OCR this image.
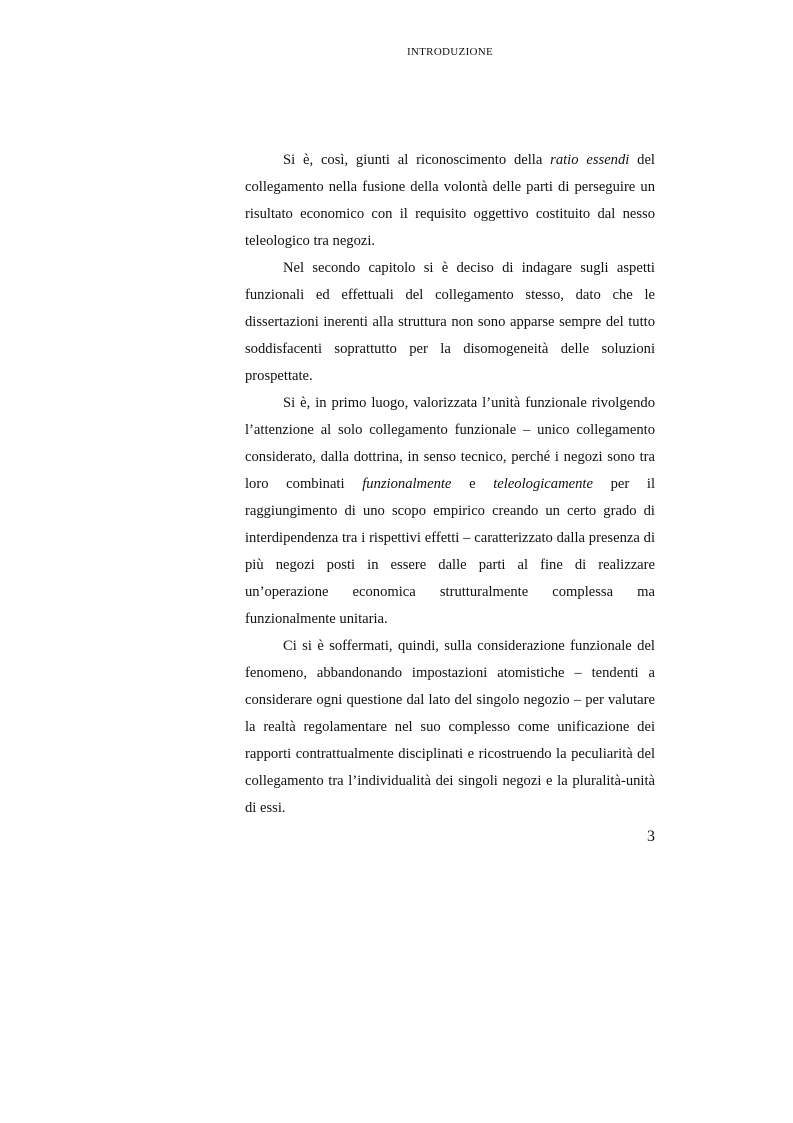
INTRODUZIONE

Si è, così, giunti al riconoscimento della ratio essendi del collegamento nella fusione della volontà delle parti di perseguire un risultato economico con il requisito oggettivo costituito dal nesso teleologico tra negozi.

Nel secondo capitolo si è deciso di indagare sugli aspetti funzionali ed effettuali del collegamento stesso, dato che le dissertazioni inerenti alla struttura non sono apparse sempre del tutto soddisfacenti soprattutto per la disomogeneità delle soluzioni prospettate.

Si è, in primo luogo, valorizzata l’unità funzionale rivolgendo l’attenzione al solo collegamento funzionale – unico collegamento considerato, dalla dottrina, in senso tecnico, perché i negozi sono tra loro combinati funzionalmente e teleologicamente per il raggiungimento di uno scopo empirico creando un certo grado di interdipendenza tra i rispettivi effetti – caratterizzato dalla presenza di più negozi posti in essere dalle parti al fine di realizzare un’operazione economica strutturalmente complessa ma funzionalmente unitaria.

Ci si è soffermati, quindi, sulla considerazione funzionale del fenomeno, abbandonando impostazioni atomistiche – tendenti a considerare ogni questione dal lato del singolo negozio – per valutare la realtà regolamentare nel suo complesso come unificazione dei rapporti contrattualmente disciplinati e ricostruendo la peculiarità del collegamento tra l’individualità dei singoli negozi e la pluralità-unità di essi.

3
